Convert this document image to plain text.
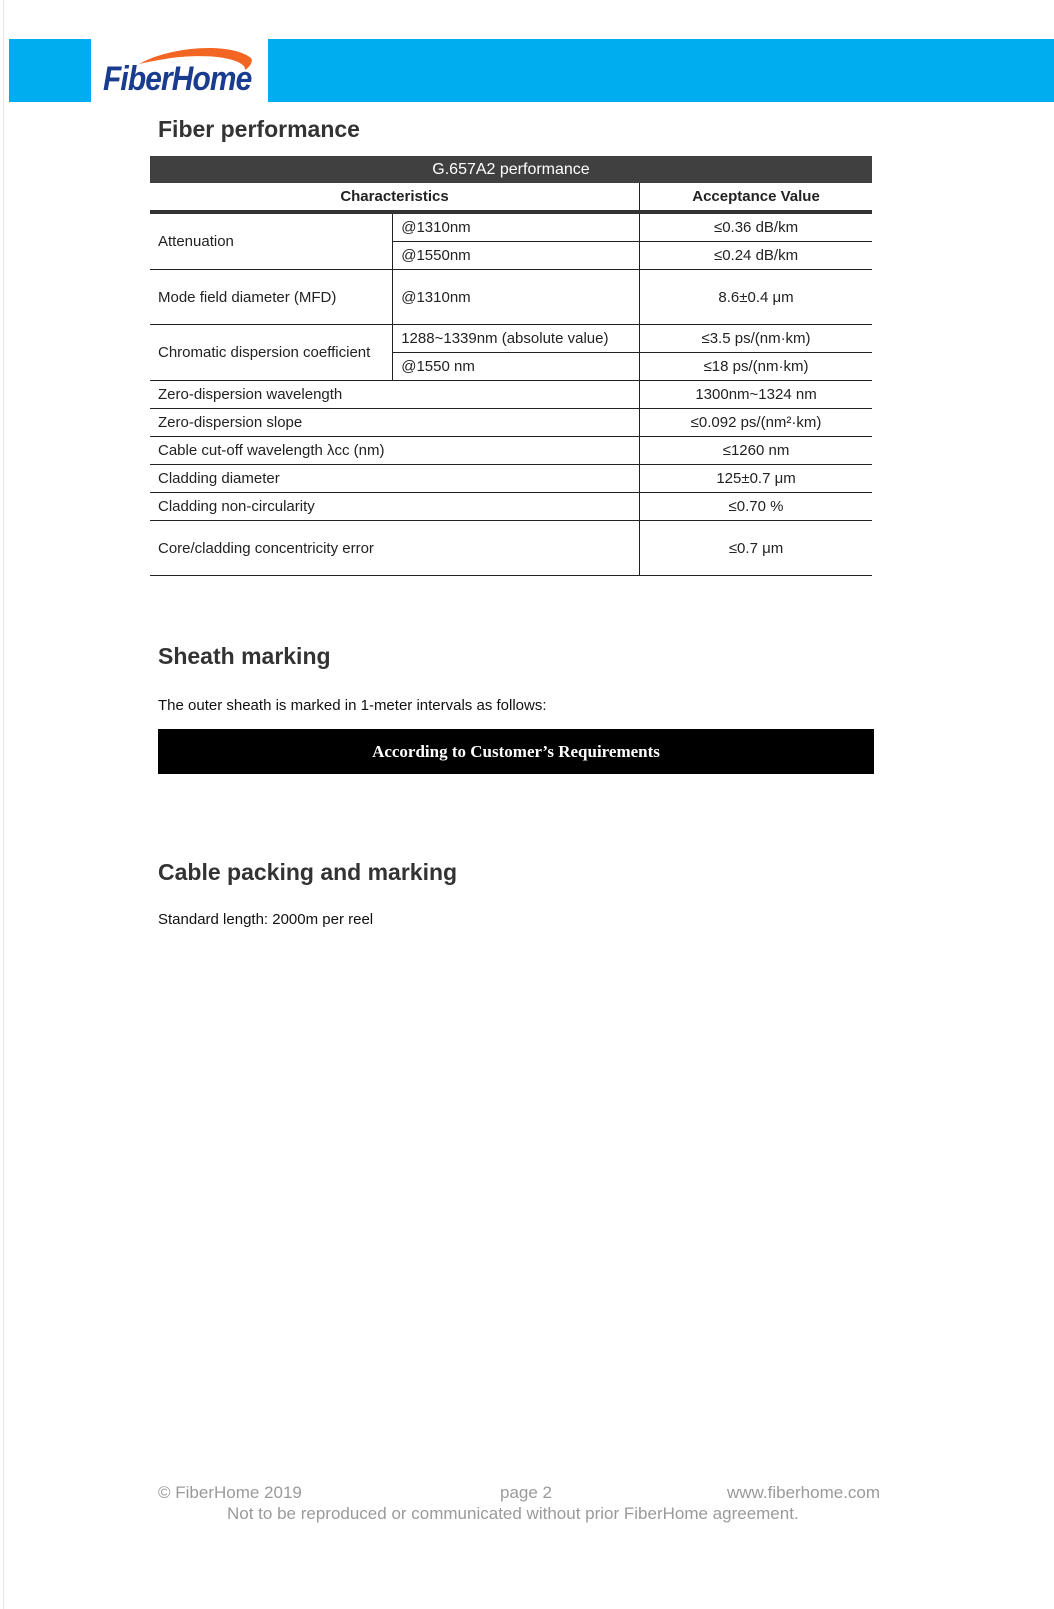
FiberHome
Fiber performance
G.657A2 performance		
Characteristics		Acceptance Value
Attenuation	@1310nm	≤0.36 dB/km
	@1550nm	≤0.24 dB/km
Mode field diameter (MFD)	@1310nm	8.6±0.4 μm
Chromatic dispersion coefficient	1288~1339nm (absolute value)	≤3.5 ps/(nm·km)
	@1550 nm	≤18 ps/(nm·km)
Zero-dispersion wavelength		1300nm~1324 nm
Zero-dispersion slope		≤0.092 ps/(nm²·km)
Cable cut-off wavelength λcc (nm)		≤1260 nm
Cladding diameter		125±0.7 μm
Cladding non-circularity		≤0.70 %
Core/cladding concentricity error		≤0.7 μm
Sheath marking
The outer sheath is marked in 1-meter intervals as follows:
According to Customer’s Requirements
Cable packing and marking
Standard length: 2000m per reel
© FiberHome 2019	page 2	www.fiberhome.com
Not to be reproduced or communicated without prior FiberHome agreement.
